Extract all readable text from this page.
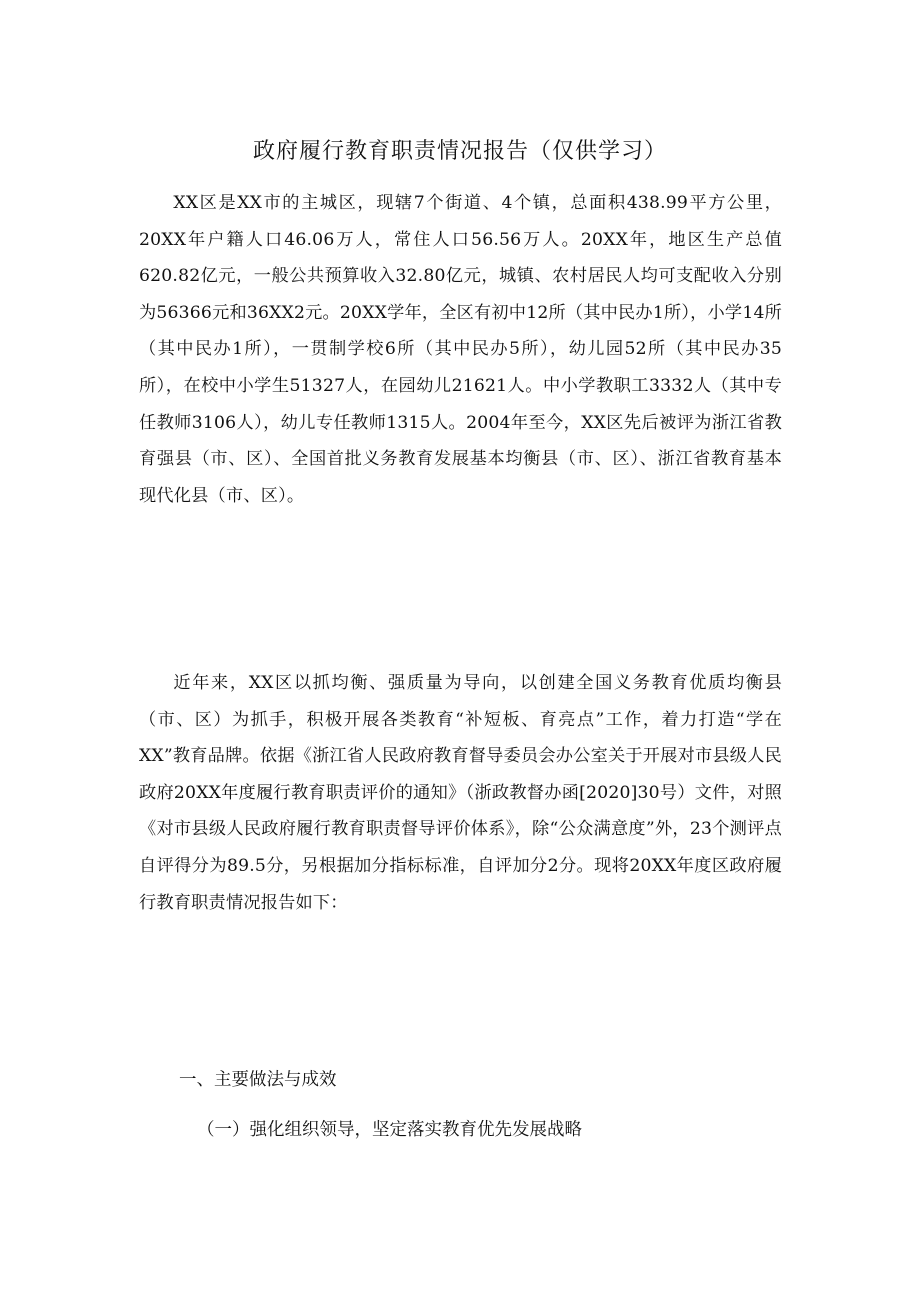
政府履行教育职责情况报告（仅供学习）

XX区是XX市的主城区，现辖7个街道、4个镇，总面积438.99平方公里，20XX年户籍人口46.06万人，常住人口56.56万人。20XX年，地区生产总值620.82亿元，一般公共预算收入32.80亿元，城镇、农村居民人均可支配收入分别为56366元和36XX2元。20XX学年，全区有初中12所（其中民办1所），小学14所（其中民办1所），一贯制学校6所（其中民办5所），幼儿园52所（其中民办35所），在校中小学生51327人，在园幼儿21621人。中小学教职工3332人（其中专任教师3106人），幼儿专任教师1315人。2004年至今，XX区先后被评为浙江省教育强县（市、区）、全国首批义务教育发展基本均衡县（市、区）、浙江省教育基本现代化县（市、区）。

近年来，XX区以抓均衡、强质量为导向，以创建全国义务教育优质均衡县（市、区）为抓手，积极开展各类教育“补短板、育亮点”工作，着力打造“学在XX”教育品牌。依据《浙江省人民政府教育督导委员会办公室关于开展对市县级人民政府20XX年度履行教育职责评价的通知》（浙政教督办函[2020]30号）文件，对照《对市县级人民政府履行教育职责督导评价体系》，除“公众满意度”外，23个测评点自评得分为89.5分，另根据加分指标标准，自评加分2分。现将20XX年度区政府履行教育职责情况报告如下：

一、主要做法与成效
（一）强化组织领导，坚定落实教育优先发展战略
